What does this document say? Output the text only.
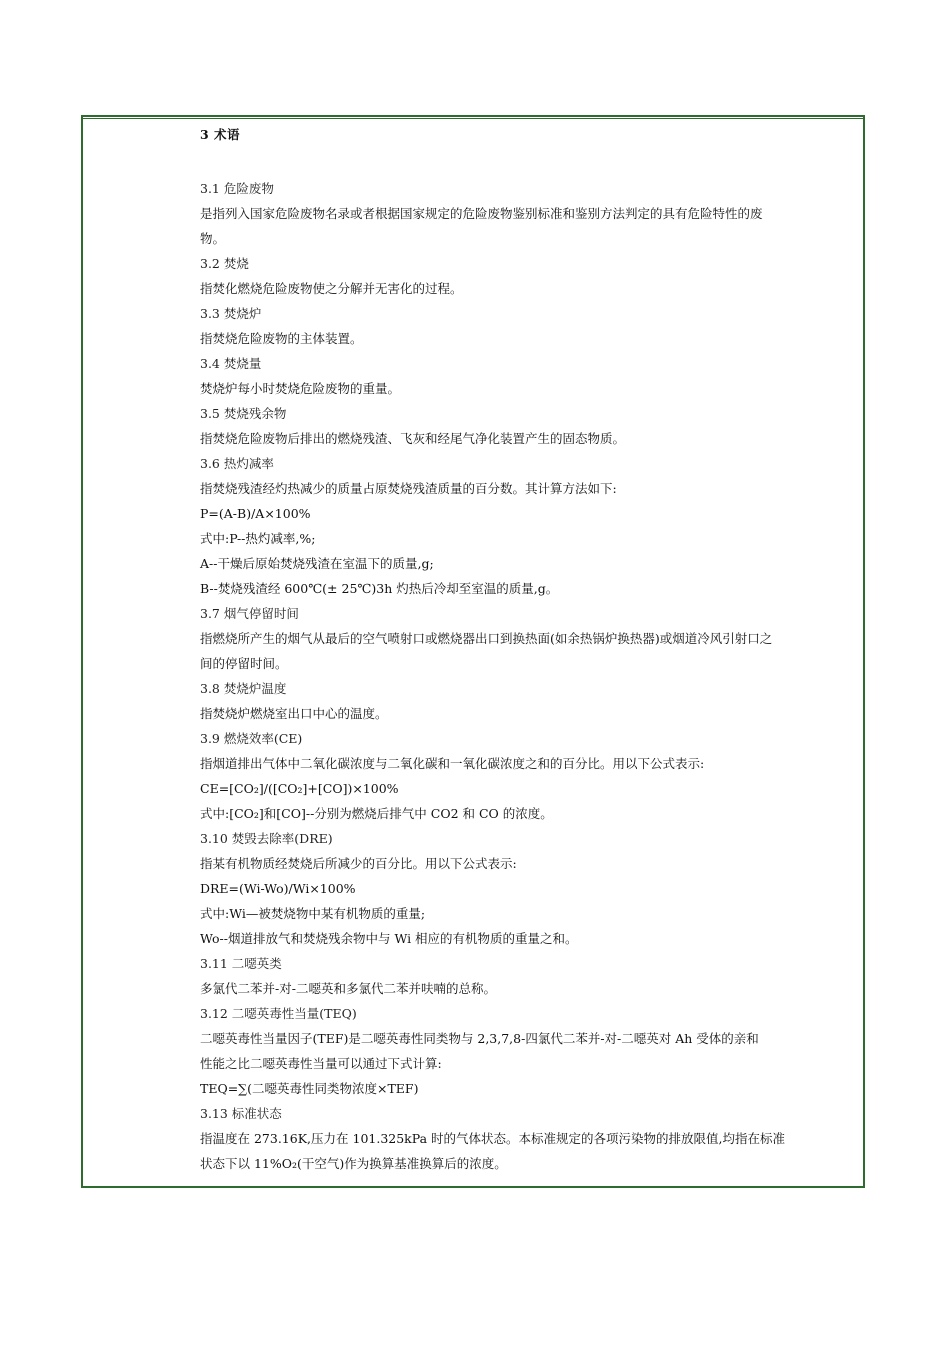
3 术语
3.1 危险废物
是指列入国家危险废物名录或者根据国家规定的危险废物鉴别标准和鉴别方法判定的具有危险特性的废
物。
3.2 焚烧
指焚化燃烧危险废物使之分解并无害化的过程。
3.3 焚烧炉
指焚烧危险废物的主体装置。
3.4 焚烧量
焚烧炉每小时焚烧危险废物的重量。
3.5 焚烧残余物
指焚烧危险废物后排出的燃烧残渣、飞灰和经尾气净化装置产生的固态物质。
3.6 热灼减率
指焚烧残渣经灼热减少的质量占原焚烧残渣质量的百分数。其计算方法如下:
P=(A-B)/A×100%
式中:P--热灼减率,%;
A--干燥后原始焚烧残渣在室温下的质量,g;
B--焚烧残渣经 600℃(± 25℃)3h 灼热后冷却至室温的质量,g。
3.7 烟气停留时间
指燃烧所产生的烟气从最后的空气喷射口或燃烧器出口到换热面(如余热锅炉换热器)或烟道冷风引射口之
间的停留时间。
3.8 焚烧炉温度
指焚烧炉燃烧室出口中心的温度。
3.9 燃烧效率(CE)
指烟道排出气体中二氧化碳浓度与二氧化碳和一氧化碳浓度之和的百分比。用以下公式表示:
CE=[CO₂]/([CO₂]+[CO])×100%
式中:[CO₂]和[CO]--分别为燃烧后排气中 CO2 和 CO 的浓度。
3.10 焚毁去除率(DRE)
指某有机物质经焚烧后所减少的百分比。用以下公式表示:
DRE=(Wi-Wo)/Wi×100%
式中:Wi—被焚烧物中某有机物质的重量;
Wo--烟道排放气和焚烧残余物中与 Wi 相应的有机物质的重量之和。
3.11 二噁英类
多氯代二苯并-对-二噁英和多氯代二苯并呋喃的总称。
3.12 二噁英毒性当量(TEQ)
二噁英毒性当量因子(TEF)是二噁英毒性同类物与 2,3,7,8-四氯代二苯并-对-二噁英对 Ah 受体的亲和
性能之比二噁英毒性当量可以通过下式计算:
TEQ=∑(二噁英毒性同类物浓度×TEF)
3.13 标准状态
指温度在 273.16K,压力在 101.325kPa 时的气体状态。本标准规定的各项污染物的排放限值,均指在标准
状态下以 11%O₂(干空气)作为换算基准换算后的浓度。
